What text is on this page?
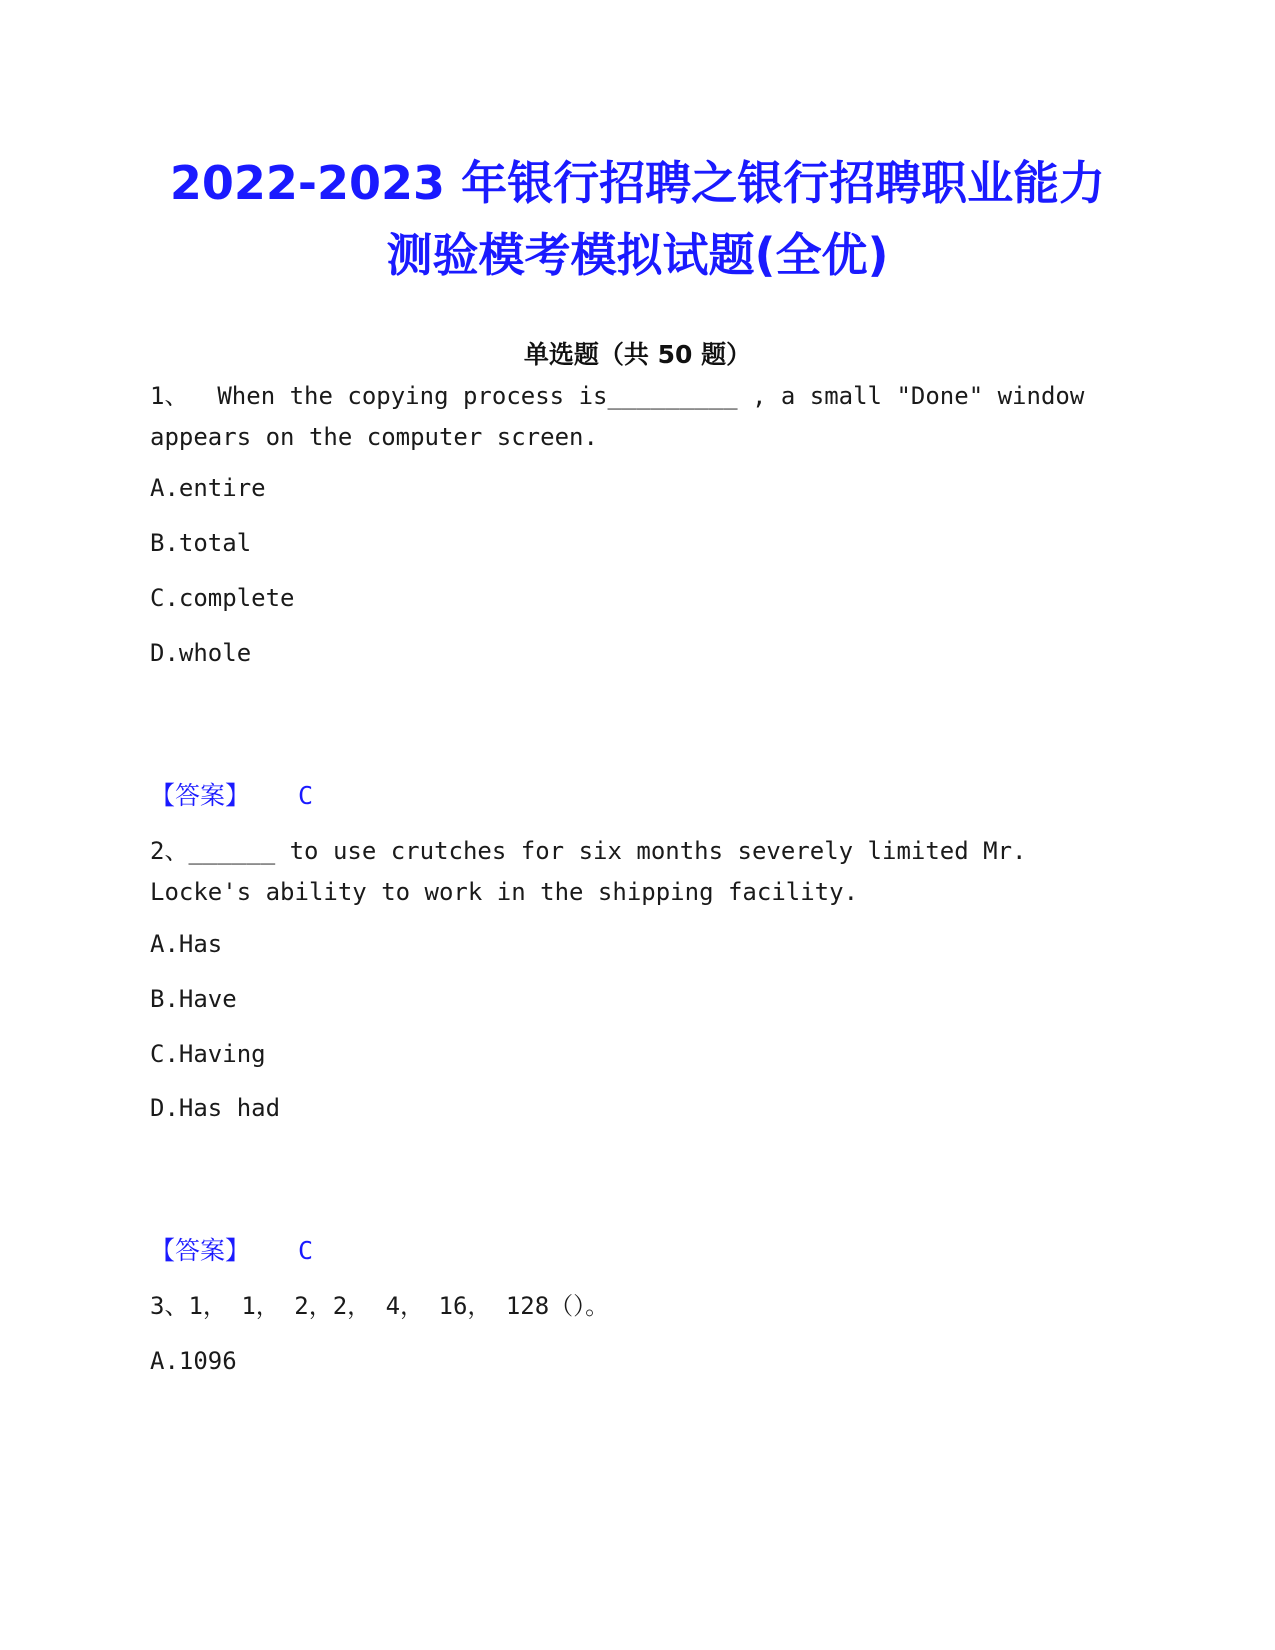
2022-2023 年银行招聘之银行招聘职业能力
测验模考模拟试题(全优)
单选题（共 50 题）
1、  When the copying process is_________ , a small "Done" window appears on the computer screen.
A.entire
B.total
C.complete
D.whole
【答案】 C
2、______ to use crutches for six months severely limited Mr. Locke's ability to work in the shipping facility.
A.Has
B.Have
C.Having
D.Has had
【答案】 C
3、1， 1， 2，2， 4， 16， 128（）。
A.1096
